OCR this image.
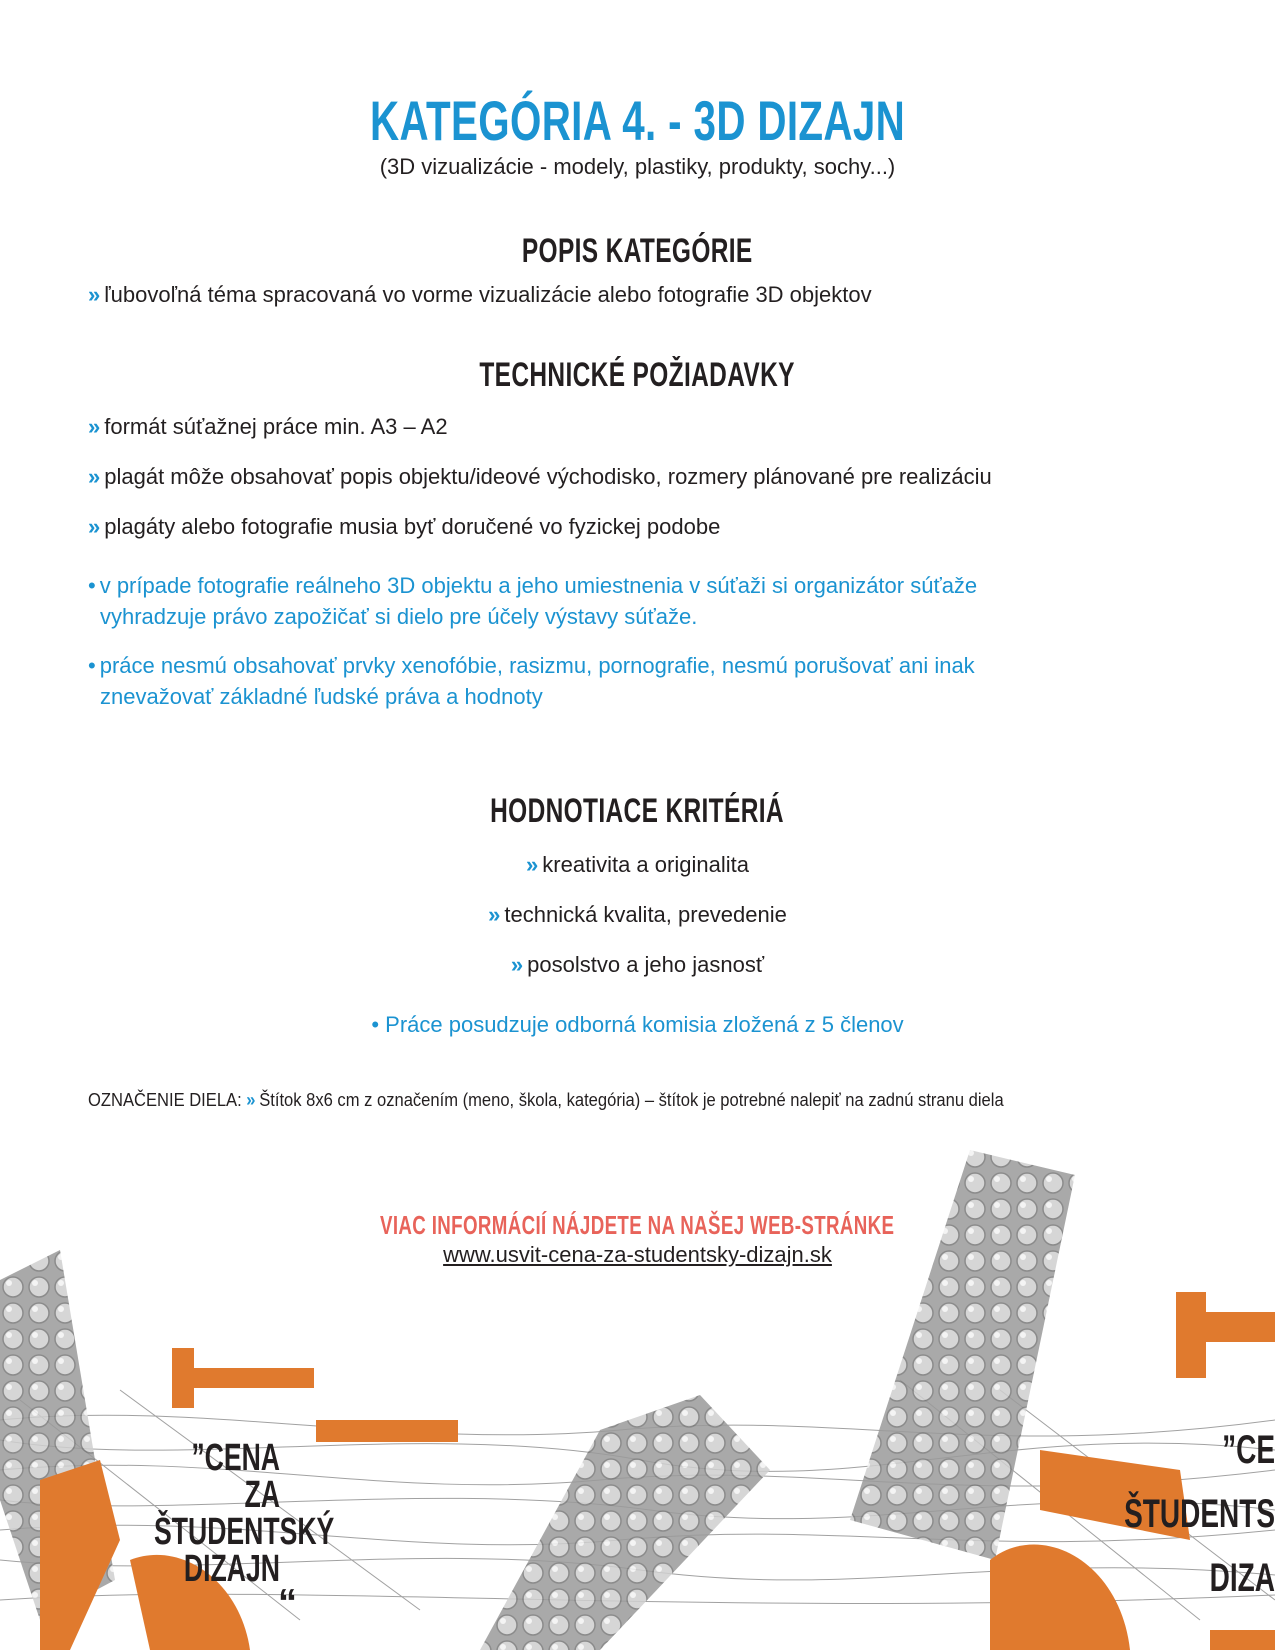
KATEGÓRIA 4. - 3D DIZAJN
(3D vizualizácie - modely, plastiky, produkty, sochy...)
POPIS KATEGÓRIE
» ľubovoľná téma spracovaná vo vorme vizualizácie alebo fotografie 3D objektov
TECHNICKÉ POŽIADAVKY
» formát súťažnej práce min. A3 – A2
» plagát môže obsahovať popis objektu/ideové východisko, rozmery plánované pre realizáciu
» plagáty alebo fotografie musia byť doručené vo fyzickej podobe
• v prípade fotografie reálneho 3D objektu a jeho umiestnenia v súťaži si organizátor súťaže
vyhradzuje právo zapožičať si dielo pre účely výstavy súťaže.
• práce nesmú obsahovať prvky xenofóbie, rasizmu, pornografie, nesmú porušovať ani inak
znevažovať základné ľudské práva a hodnoty
HODNOTIACE KRITÉRIÁ
» kreativita a originalita
» technická kvalita, prevedenie
» posolstvo a jeho jasnosť
• Práce posudzuje odborná komisia zložená z 5 členov
OZNAČENIE DIELA: » Štítok 8x6 cm z označením (meno, škola, kategória) – štítok je potrebné nalepiť na zadnú stranu diela
VIAC INFORMÁCIÍ NÁJDETE NA NAŠEJ WEB-STRÁNKE
www.usvit-cena-za-studentsky-dizajn.sk
”CENA
ZA
ŠTUDENTSKÝ
DIZAJN
“
”CE
ŠTUDENTS
DIZA
